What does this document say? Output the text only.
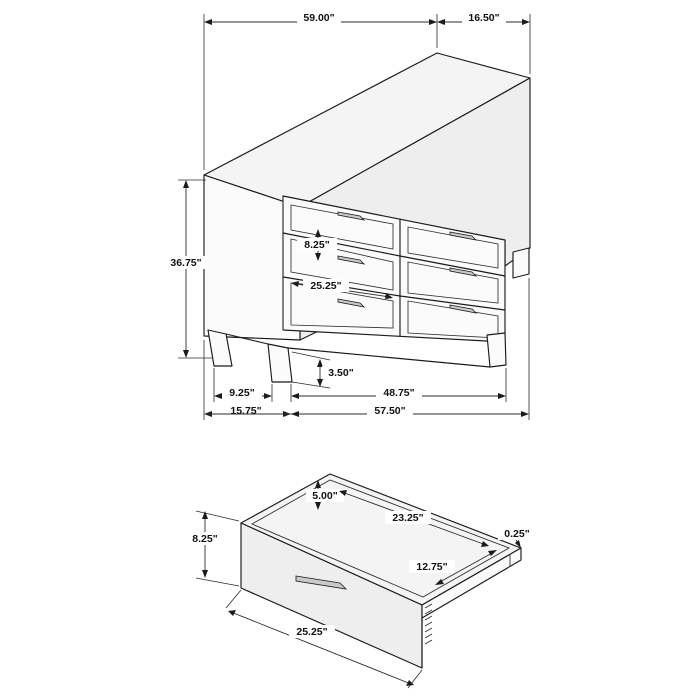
59.00"	16.50"
36.75"
8.25"
25.25"
3.50"
9.25"
15.75"
48.75"
57.50"
5.00"
23.25"
8.25"	0.25"
12.75"
25.25"
